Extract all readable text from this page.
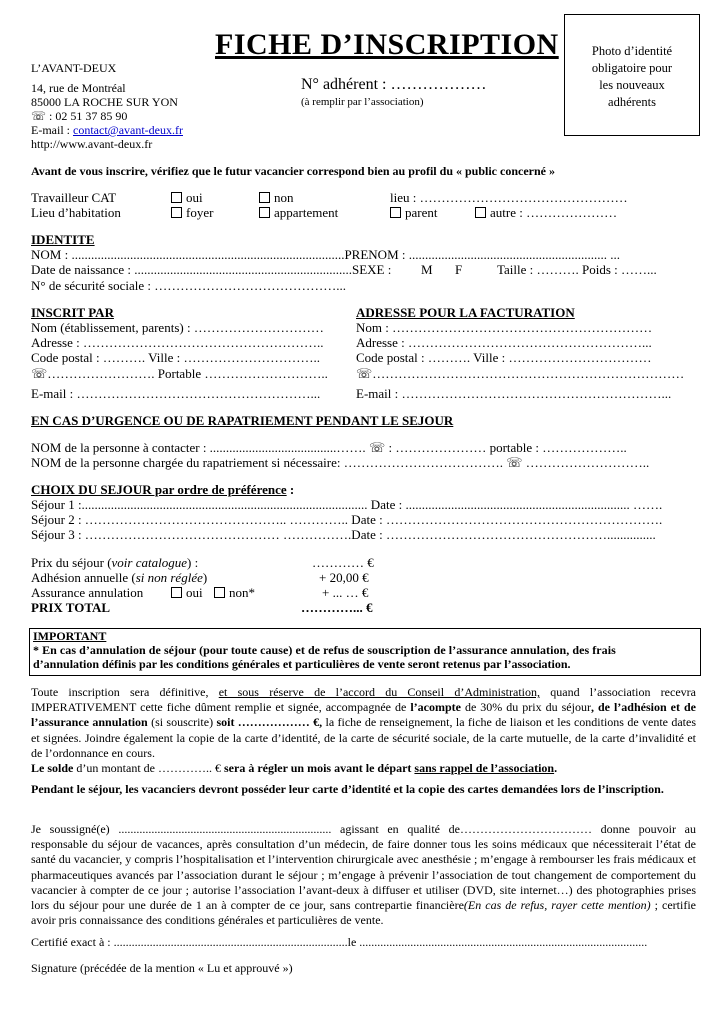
FICHE D’INSCRIPTION
L’AVANT-DEUX
14, rue de Montréal
85000 LA ROCHE SUR YON
☏ : 02 51 37 85 90
E-mail : contact@avant-deux.fr
http://www.avant-deux.fr
N° adhérent : ………………
(à remplir par l’association)
Photo d’identité
obligatoire pour
les nouveaux
adhérents
Avant de vous inscrire, vérifiez que le futur vacancier correspond bien au profil du « public concerné »
Travailleur CAT	oui	non	lieu : …………………………………………
Lieu d’habitation	foyer	appartement	parent	autre : …………………
IDENTITE
NOM : ....................................................................................PRENOM : ............................................................. ...
Date de naissance : ...................................................................SEXE : M F	Taille : ………. Poids : ……...
N° de sécurité sociale : ……………………………………...
INSCRIT PAR
Nom (établissement, parents) : …………………………
Adresse : ………………………………………………..
Code postal : ………. Ville : …………………………..
☏……………………. Portable ………………………..
E-mail : ………………………………………………...
ADRESSE POUR LA FACTURATION
Nom : ……………………………………………………
Adresse : ………………………………………………...
Code postal : ………. Ville : ……………………………
☏………………………………………………………………
E-mail : ……………………………………………………...
EN CAS D’URGENCE OU DE RAPATRIEMENT PENDANT LE SEJOUR
NOM de la personne à contacter : .......................................……. ☏ : ………………… portable : ………………..
NOM de la personne chargée du rapatriement si nécessaire: ………………………………. ☏ ………………………..
CHOIX DU SEJOUR par ordre de préférence :
Séjour 1 :........................................................................................ Date : ..................................................................... …….
Séjour 2 : ……………………………………….. ………….. Date : ……………………………………………………….
Séjour 3 : ……………………………………… …………….Date : ……………………………………………...............
Prix du séjour (voir catalogue) :	………… €
Adhésion annuelle (si non réglée)	+ 20,00 €
Assurance annulation	oui	non*	+ ... … €
PRIX TOTAL	…………... €
IMPORTANT
* En cas d’annulation de séjour (pour toute cause) et de refus de souscription de l’assurance annulation, des frais
d’annulation définis par les conditions générales et particulières de vente seront retenus par l’association.
Toute inscription sera définitive, et sous réserve de l’accord du Conseil d’Administration, quand l’association recevra IMPERATIVEMENT cette fiche dûment remplie et signée, accompagnée de l’acompte de 30% du prix du séjour, de l’adhésion et de l’assurance annulation (si souscrite) soit ……………… €, la fiche de renseignement, la fiche de liaison et les conditions de vente dates et signées. Joindre également la copie de la carte d’identité, de la carte de sécurité sociale, de la carte mutuelle, de la carte d’invalidité et de l’ordonnance en cours.
Le solde d’un montant de ………….. € sera à régler un mois avant le départ sans rappel de l’association.
Pendant le séjour, les vacanciers devront posséder leur carte d’identité et la copie des cartes demandées lors de l’inscription.
Je soussigné(e) ....................................................................... agissant en qualité de…………………………… donne pouvoir au responsable du séjour de vacances, après consultation d’un médecin, de faire donner tous les soins médicaux que nécessiterait l’état de santé du vacancier, y compris l’hospitalisation et l’intervention chirurgicale avec anesthésie ; m’engage à rembourser les frais médicaux et pharmaceutiques avancés par l’association durant le séjour ; m’engage à prévenir l’association de tout changement de comportement du vacancier à compter de ce jour ; autorise l’association l’avant-deux à diffuser et utiliser (DVD, site internet…) des photographies prises lors du séjour pour une durée de 1 an à compter de ce jour, sans contrepartie financière(En cas de refus, rayer cette mention) ; certifie avoir pris connaissance des conditions générales et particulières de vente.
Certifié exact à : ..............................................................................le ................................................................................................
Signature (précédée de la mention « Lu et approuvé »)
